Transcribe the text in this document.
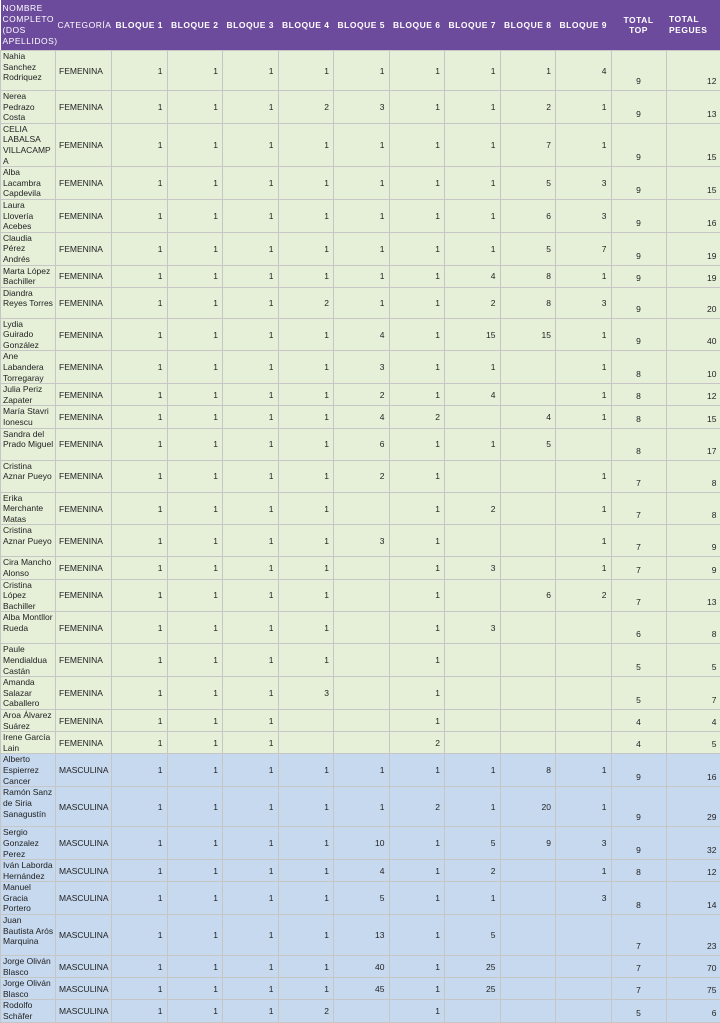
NOMBRE COMPLETO (DOS APELLIDOS)	CATEGORÍA	BLOQUE 1	BLOQUE 2	BLOQUE 3	BLOQUE 4	BLOQUE 5	BLOQUE 6	BLOQUE 7	BLOQUE 8	BLOQUE 9	TOTAL TOP	TOTAL PEGUES
Nahia Sanchez Rodriquez	FEMENINA	1	1	1	1	1	1	1	1	4	9	12
Nerea Pedrazo Costa	FEMENINA	1	1	1	2	3	1	1	2	1	9	13
CELIA LABALSA VILLACAMP A	FEMENINA	1	1	1	1	1	1	1	7	1	9	15
Alba Lacambra Capdevila	FEMENINA	1	1	1	1	1	1	1	5	3	9	15
Laura Llovería Acebes	FEMENINA	1	1	1	1	1	1	1	6	3	9	16
Claudia Pérez Andrés	FEMENINA	1	1	1	1	1	1	1	5	7	9	19
Marta López Bachiller	FEMENINA	1	1	1	1	1	1	4	8	1	9	19
Diandra Reyes Torres	FEMENINA	1	1	1	2	1	1	2	8	3	9	20
Lydia Guirado González	FEMENINA	1	1	1	1	4	1	15	15	1	9	40
Ane Labandera Torregaray	FEMENINA	1	1	1	1	3	1	1		1	8	10
Julia Periz Zapater	FEMENINA	1	1	1	1	2	1	4		1	8	12
María Stavri Ionescu	FEMENINA	1	1	1	1	4	2		4	1	8	15
Sandra del Prado Miguel	FEMENINA	1	1	1	1	6	1	1	5		8	17
Cristina Aznar Pueyo	FEMENINA	1	1	1	1	2	1			1	7	8
Erika Merchante Matas	FEMENINA	1	1	1	1		1	2		1	7	8
Cristina Aznar Pueyo	FEMENINA	1	1	1	1	3	1			1	7	9
Cira Mancho Alonso	FEMENINA	1	1	1	1		1	3		1	7	9
Cristina López Bachiller	FEMENINA	1	1	1	1		1		6	2	7	13
Alba Montllor Rueda	FEMENINA	1	1	1	1		1	3			6	8
Paule Mendialdua Castán	FEMENINA	1	1	1	1		1				5	5
Amanda Salazar Caballero	FEMENINA	1	1	1	3		1				5	7
Aroa Álvarez Suárez	FEMENINA	1	1	1			1				4	4
Irene García Lain	FEMENINA	1	1	1			2				4	5
Alberto Espierrez Cancer	MASCULINA	1	1	1	1	1	1	1	8	1	9	16
Ramón Sanz de Siria Sanagustín	MASCULINA	1	1	1	1	1	2	1	20	1	9	29
Sergio Gonzalez Perez	MASCULINA	1	1	1	1	10	1	5	9	3	9	32
Iván Laborda Hernández	MASCULINA	1	1	1	1	4	1	2		1	8	12
Manuel Gracia Portero	MASCULINA	1	1	1	1	5	1	1		3	8	14
Juan Bautista Arós Marquina	MASCULINA	1	1	1	1	13	1	5			7	23
Jorge Oliván Blasco	MASCULINA	1	1	1	1	40	1	25			7	70
Jorge Oliván Blasco	MASCULINA	1	1	1	1	45	1	25			7	75
Rodolfo Schäfer	MASCULINA	1	1	1	2		1				5	6
